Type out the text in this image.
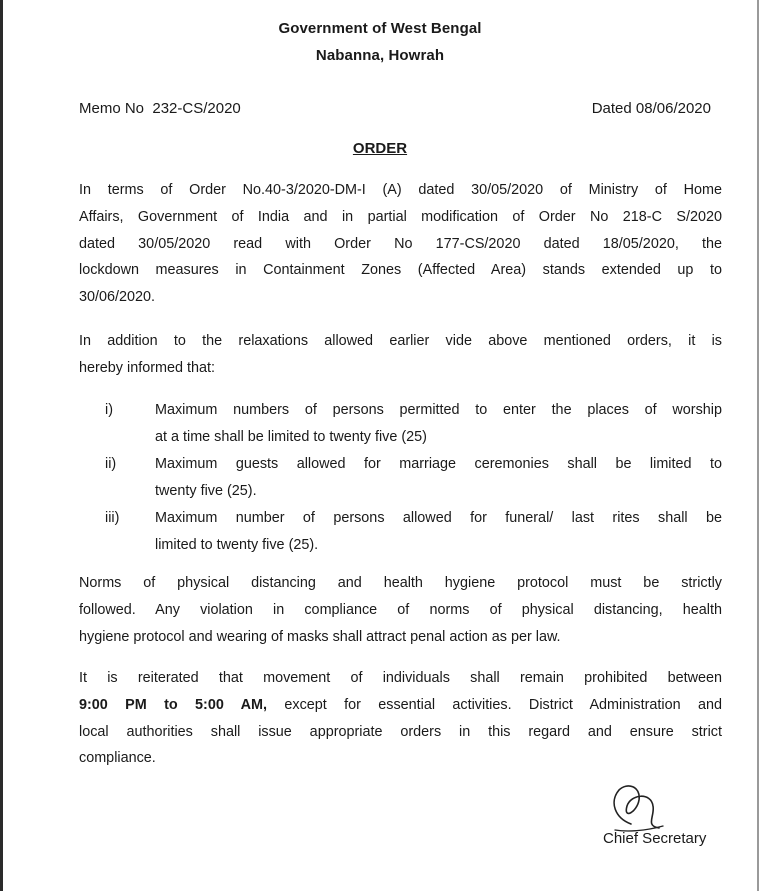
Government of West Bengal
Nabanna, Howrah
Memo No  232-CS/2020	Dated 08/06/2020
ORDER
In terms of Order No.40-3/2020-DM-I (A) dated 30/05/2020 of Ministry of Home
Affairs, Government of India and in partial modification of Order No 218-C S/2020
dated 30/05/2020 read with Order No 177-CS/2020 dated 18/05/2020, the
lockdown measures in Containment Zones (Affected Area) stands extended up to
30/06/2020.
In addition to the relaxations allowed earlier vide above mentioned orders, it is
hereby informed that:
i)	Maximum numbers of persons permitted to enter the places of worship
at a time shall be limited to twenty five (25)
ii)	Maximum guests allowed for marriage ceremonies shall be limited to
twenty five (25).
iii) Maximum number of persons allowed for funeral/ last rites shall be
limited to twenty five (25).
Norms of physical distancing and health hygiene protocol must be strictly
followed. Any violation in compliance of norms of physical distancing, health
hygiene protocol and wearing of masks shall attract penal action as per law.
It is reiterated that movement of individuals shall remain prohibited between
9:00 PM to 5:00 AM, except for essential activities. District Administration and
local authorities shall issue appropriate orders in this regard and ensure strict
compliance.
Chief Secretary
